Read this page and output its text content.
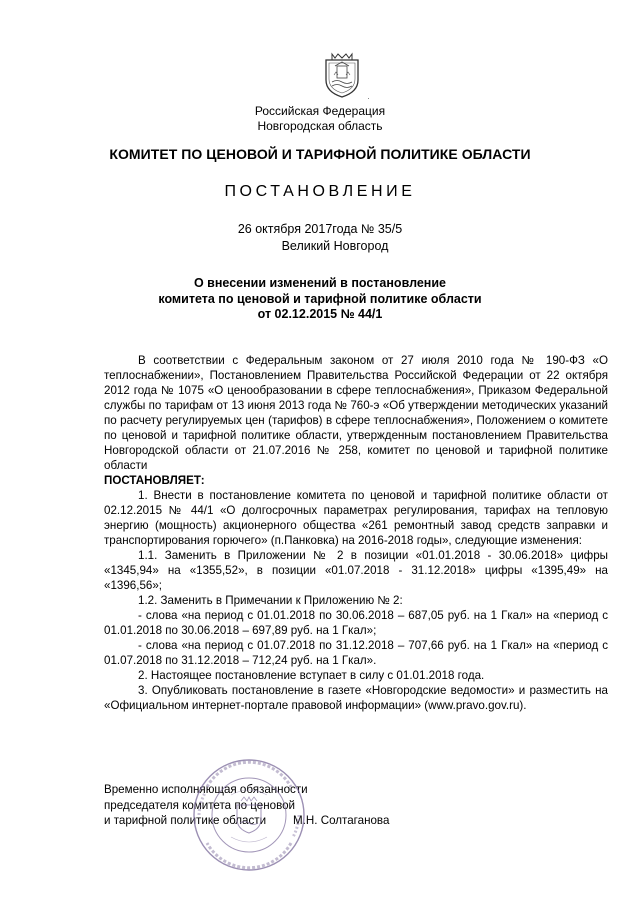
Российская Федерация
Новгородская область
КОМИТЕТ ПО ЦЕНОВОЙ И ТАРИФНОЙ ПОЛИТИКЕ ОБЛАСТИ
ПОСТАНОВЛЕНИЕ
26 октября 2017года № 35/5
Великий Новгород
О внесении изменений в постановление
комитета по ценовой и тарифной политике области
от 02.12.2015 № 44/1

В соответствии с Федеральным законом от 27 июля 2010 года № 190-ФЗ «О теплоснабжении», Постановлением Правительства Российской Федерации от 22 октября 2012 года № 1075 «О ценообразовании в сфере теплоснабжения», Приказом Федеральной службы по тарифам от 13 июня 2013 года № 760-э «Об утверждении методических указаний по расчету регулируемых цен (тарифов) в сфере теплоснабжения», Положением о комитете по ценовой и тарифной политике области, утвержденным постановлением Правительства Новгородской области от 21.07.2016 № 258, комитет по ценовой и тарифной политике области

ПОСТАНОВЛЯЕТ:

1. Внести в постановление комитета по ценовой и тарифной политике области от 02.12.2015 № 44/1 «О долгосрочных параметрах регулирования, тарифах на тепловую энергию (мощность) акционерного общества «261 ремонтный завод средств заправки и транспортирования горючего» (п.Панковка) на 2016-2018 годы», следующие изменения:

1.1. Заменить в Приложении № 2 в позиции «01.01.2018 - 30.06.2018» цифры «1345,94» на «1355,52», в позиции «01.07.2018 - 31.12.2018» цифры «1395,49» на «1396,56»;

1.2. Заменить в Примечании к Приложению № 2:

- слова «на период с 01.01.2018 по 30.06.2018 – 687,05 руб. на 1 Гкал» на «период с 01.01.2018 по 30.06.2018 – 697,89 руб. на 1 Гкал»;

- слова «на период с 01.07.2018 по 31.12.2018 – 707,66 руб. на 1 Гкал» на «период с 01.07.2018 по 31.12.2018 – 712,24 руб. на 1 Гкал».

2. Настоящее постановление вступает в силу с 01.01.2018 года.

3. Опубликовать постановление в газете «Новгородские ведомости» и разместить на «Официальном интернет-портале правовой информации» (www.pravo.gov.ru).

Временно исполняющая обязанности
председателя комитета по ценовой
и тарифной политике области	М.Н. Солтаганова
